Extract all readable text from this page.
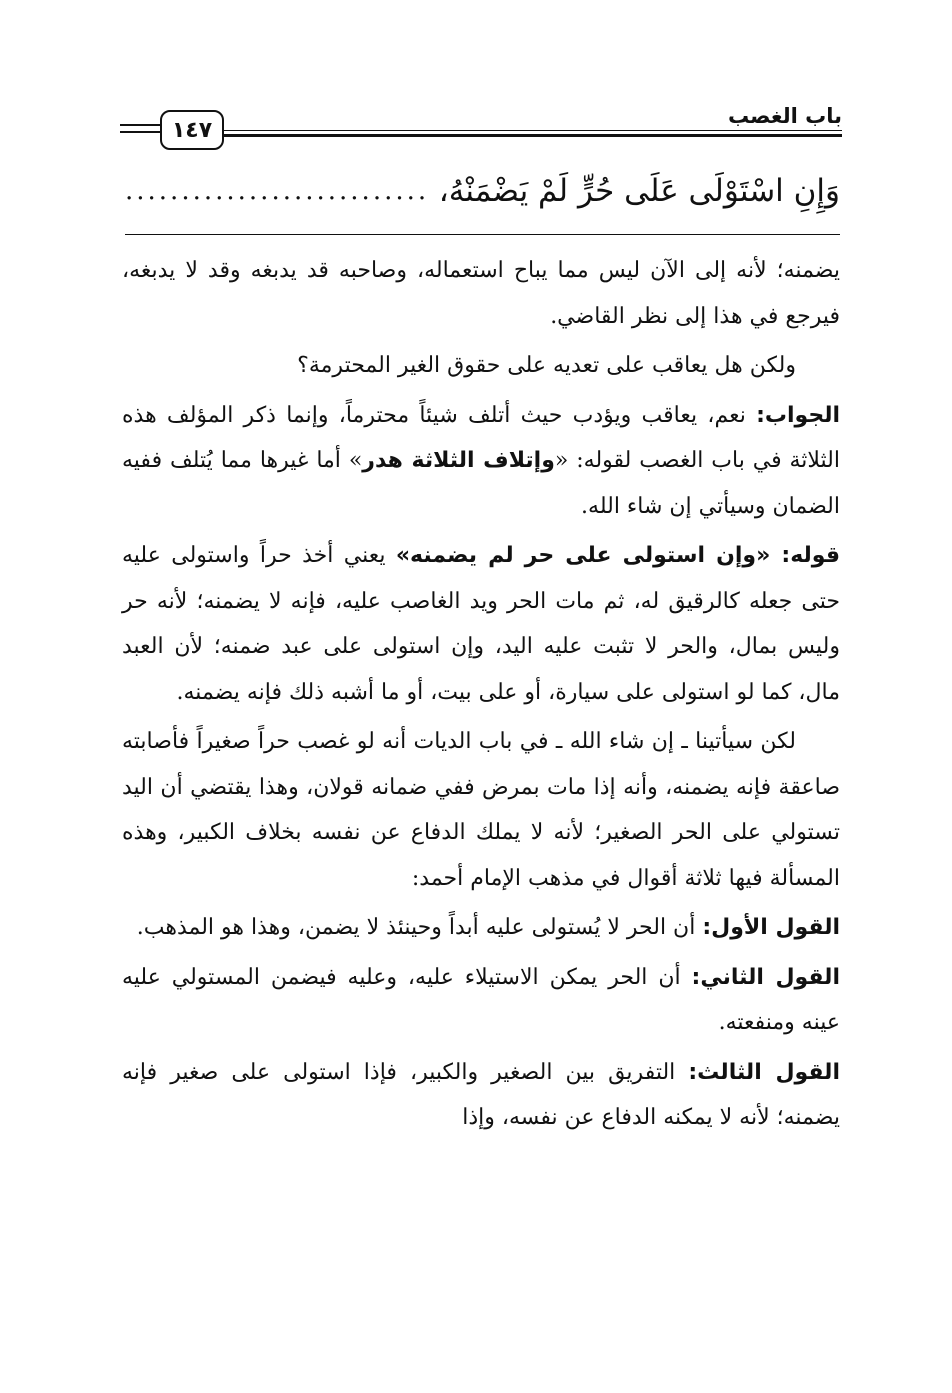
باب الغصب
١٤٧
وَإِنِ اسْتَوْلَى عَلَى حُرٍّ لَمْ يَضْمَنْهُ،
...........................

يضمنه؛ لأنه إلى الآن ليس مما يباح استعماله، وصاحبه قد يدبغه وقد لا يدبغه، فيرجع في هذا إلى نظر القاضي.

ولكن هل يعاقب على تعديه على حقوق الغير المحترمة؟

الجواب: نعم، يعاقب ويؤدب حيث أتلف شيئاً محترماً، وإنما ذكر المؤلف هذه الثلاثة في باب الغصب لقوله: «وإتلاف الثلاثة هدر» أما غيرها مما يُتلف ففيه الضمان وسيأتي إن شاء الله.

قوله: «وإن استولى على حر لم يضمنه» يعني أخذ حراً واستولى عليه حتى جعله كالرقيق له، ثم مات الحر ويد الغاصب عليه، فإنه لا يضمنه؛ لأنه حر وليس بمال، والحر لا تثبت عليه اليد، وإن استولى على عبد ضمنه؛ لأن العبد مال، كما لو استولى على سيارة، أو على بيت، أو ما أشبه ذلك فإنه يضمنه.

لكن سيأتينا ـ إن شاء الله ـ في باب الديات أنه لو غصب حراً صغيراً فأصابته صاعقة فإنه يضمنه، وأنه إذا مات بمرض ففي ضمانه قولان، وهذا يقتضي أن اليد تستولي على الحر الصغير؛ لأنه لا يملك الدفاع عن نفسه بخلاف الكبير، وهذه المسألة فيها ثلاثة أقوال في مذهب الإمام أحمد:

القول الأول: أن الحر لا يُستولى عليه أبداً وحينئذ لا يضمن، وهذا هو المذهب.

القول الثاني: أن الحر يمكن الاستيلاء عليه، وعليه فيضمن المستولي عليه عينه ومنفعته.

القول الثالث: التفريق بين الصغير والكبير، فإذا استولى على صغير فإنه يضمنه؛ لأنه لا يمكنه الدفاع عن نفسه، وإذا
